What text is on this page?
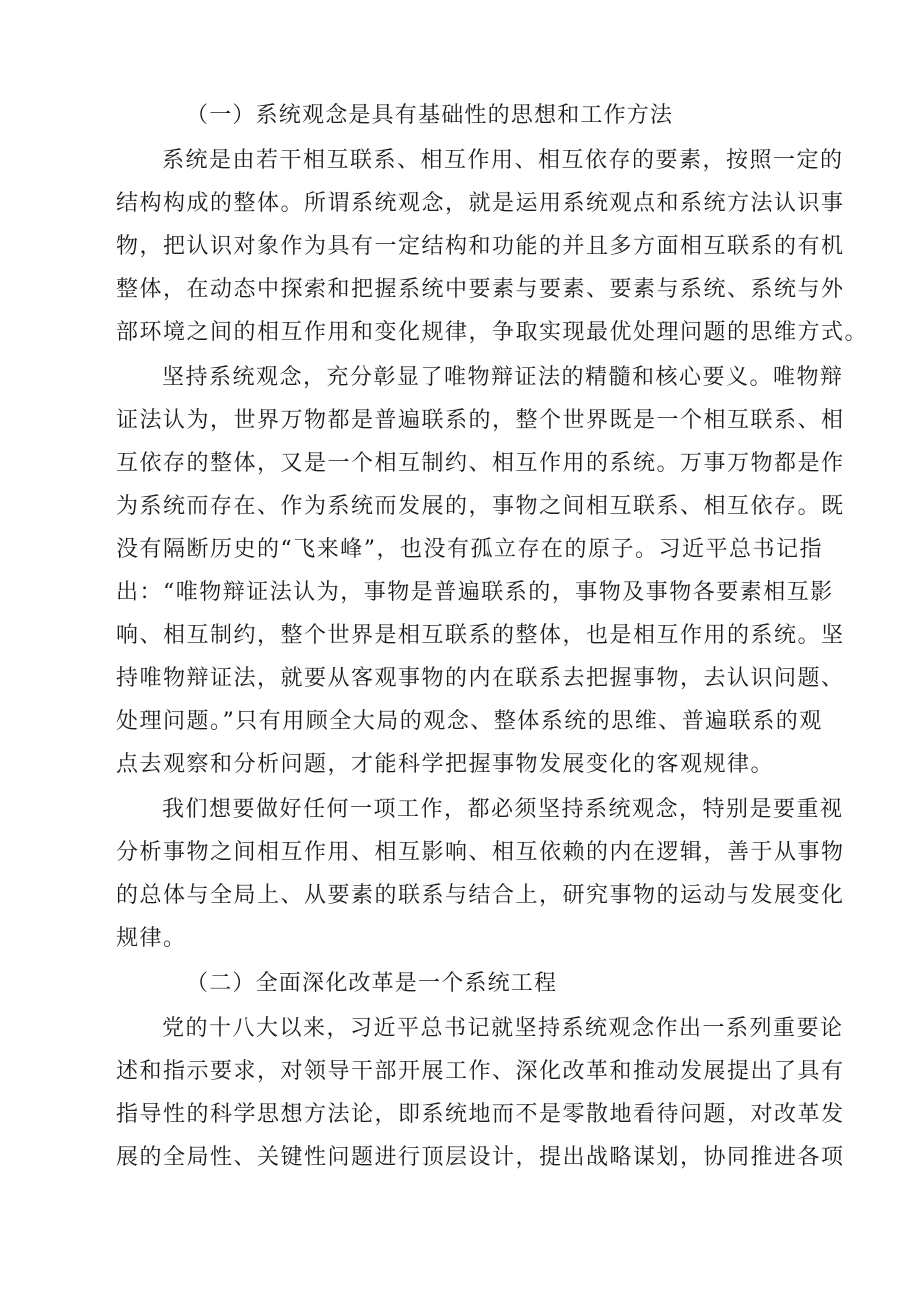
（一）系统观念是具有基础性的思想和工作方法
系统是由若干相互联系、相互作用、相互依存的要素，按照一定的
结构构成的整体。所谓系统观念，就是运用系统观点和系统方法认识事
物，把认识对象作为具有一定结构和功能的并且多方面相互联系的有机
整体，在动态中探索和把握系统中要素与要素、要素与系统、系统与外
部环境之间的相互作用和变化规律，争取实现最优处理问题的思维方式。
坚持系统观念，充分彰显了唯物辩证法的精髓和核心要义。唯物辩
证法认为，世界万物都是普遍联系的，整个世界既是一个相互联系、相
互依存的整体，又是一个相互制约、相互作用的系统。万事万物都是作
为系统而存在、作为系统而发展的，事物之间相互联系、相互依存。既
没有隔断历史的“飞来峰”，也没有孤立存在的原子。习近平总书记指
出：“唯物辩证法认为，事物是普遍联系的，事物及事物各要素相互影
响、相互制约，整个世界是相互联系的整体，也是相互作用的系统。坚
持唯物辩证法，就要从客观事物的内在联系去把握事物，去认识问题、
处理问题。”只有用顾全大局的观念、整体系统的思维、普遍联系的观
点去观察和分析问题，才能科学把握事物发展变化的客观规律。
我们想要做好任何一项工作，都必须坚持系统观念，特别是要重视
分析事物之间相互作用、相互影响、相互依赖的内在逻辑，善于从事物
的总体与全局上、从要素的联系与结合上，研究事物的运动与发展变化
规律。
（二）全面深化改革是一个系统工程
党的十八大以来，习近平总书记就坚持系统观念作出一系列重要论
述和指示要求，对领导干部开展工作、深化改革和推动发展提出了具有
指导性的科学思想方法论，即系统地而不是零散地看待问题，对改革发
展的全局性、关键性问题进行顶层设计，提出战略谋划，协同推进各项
